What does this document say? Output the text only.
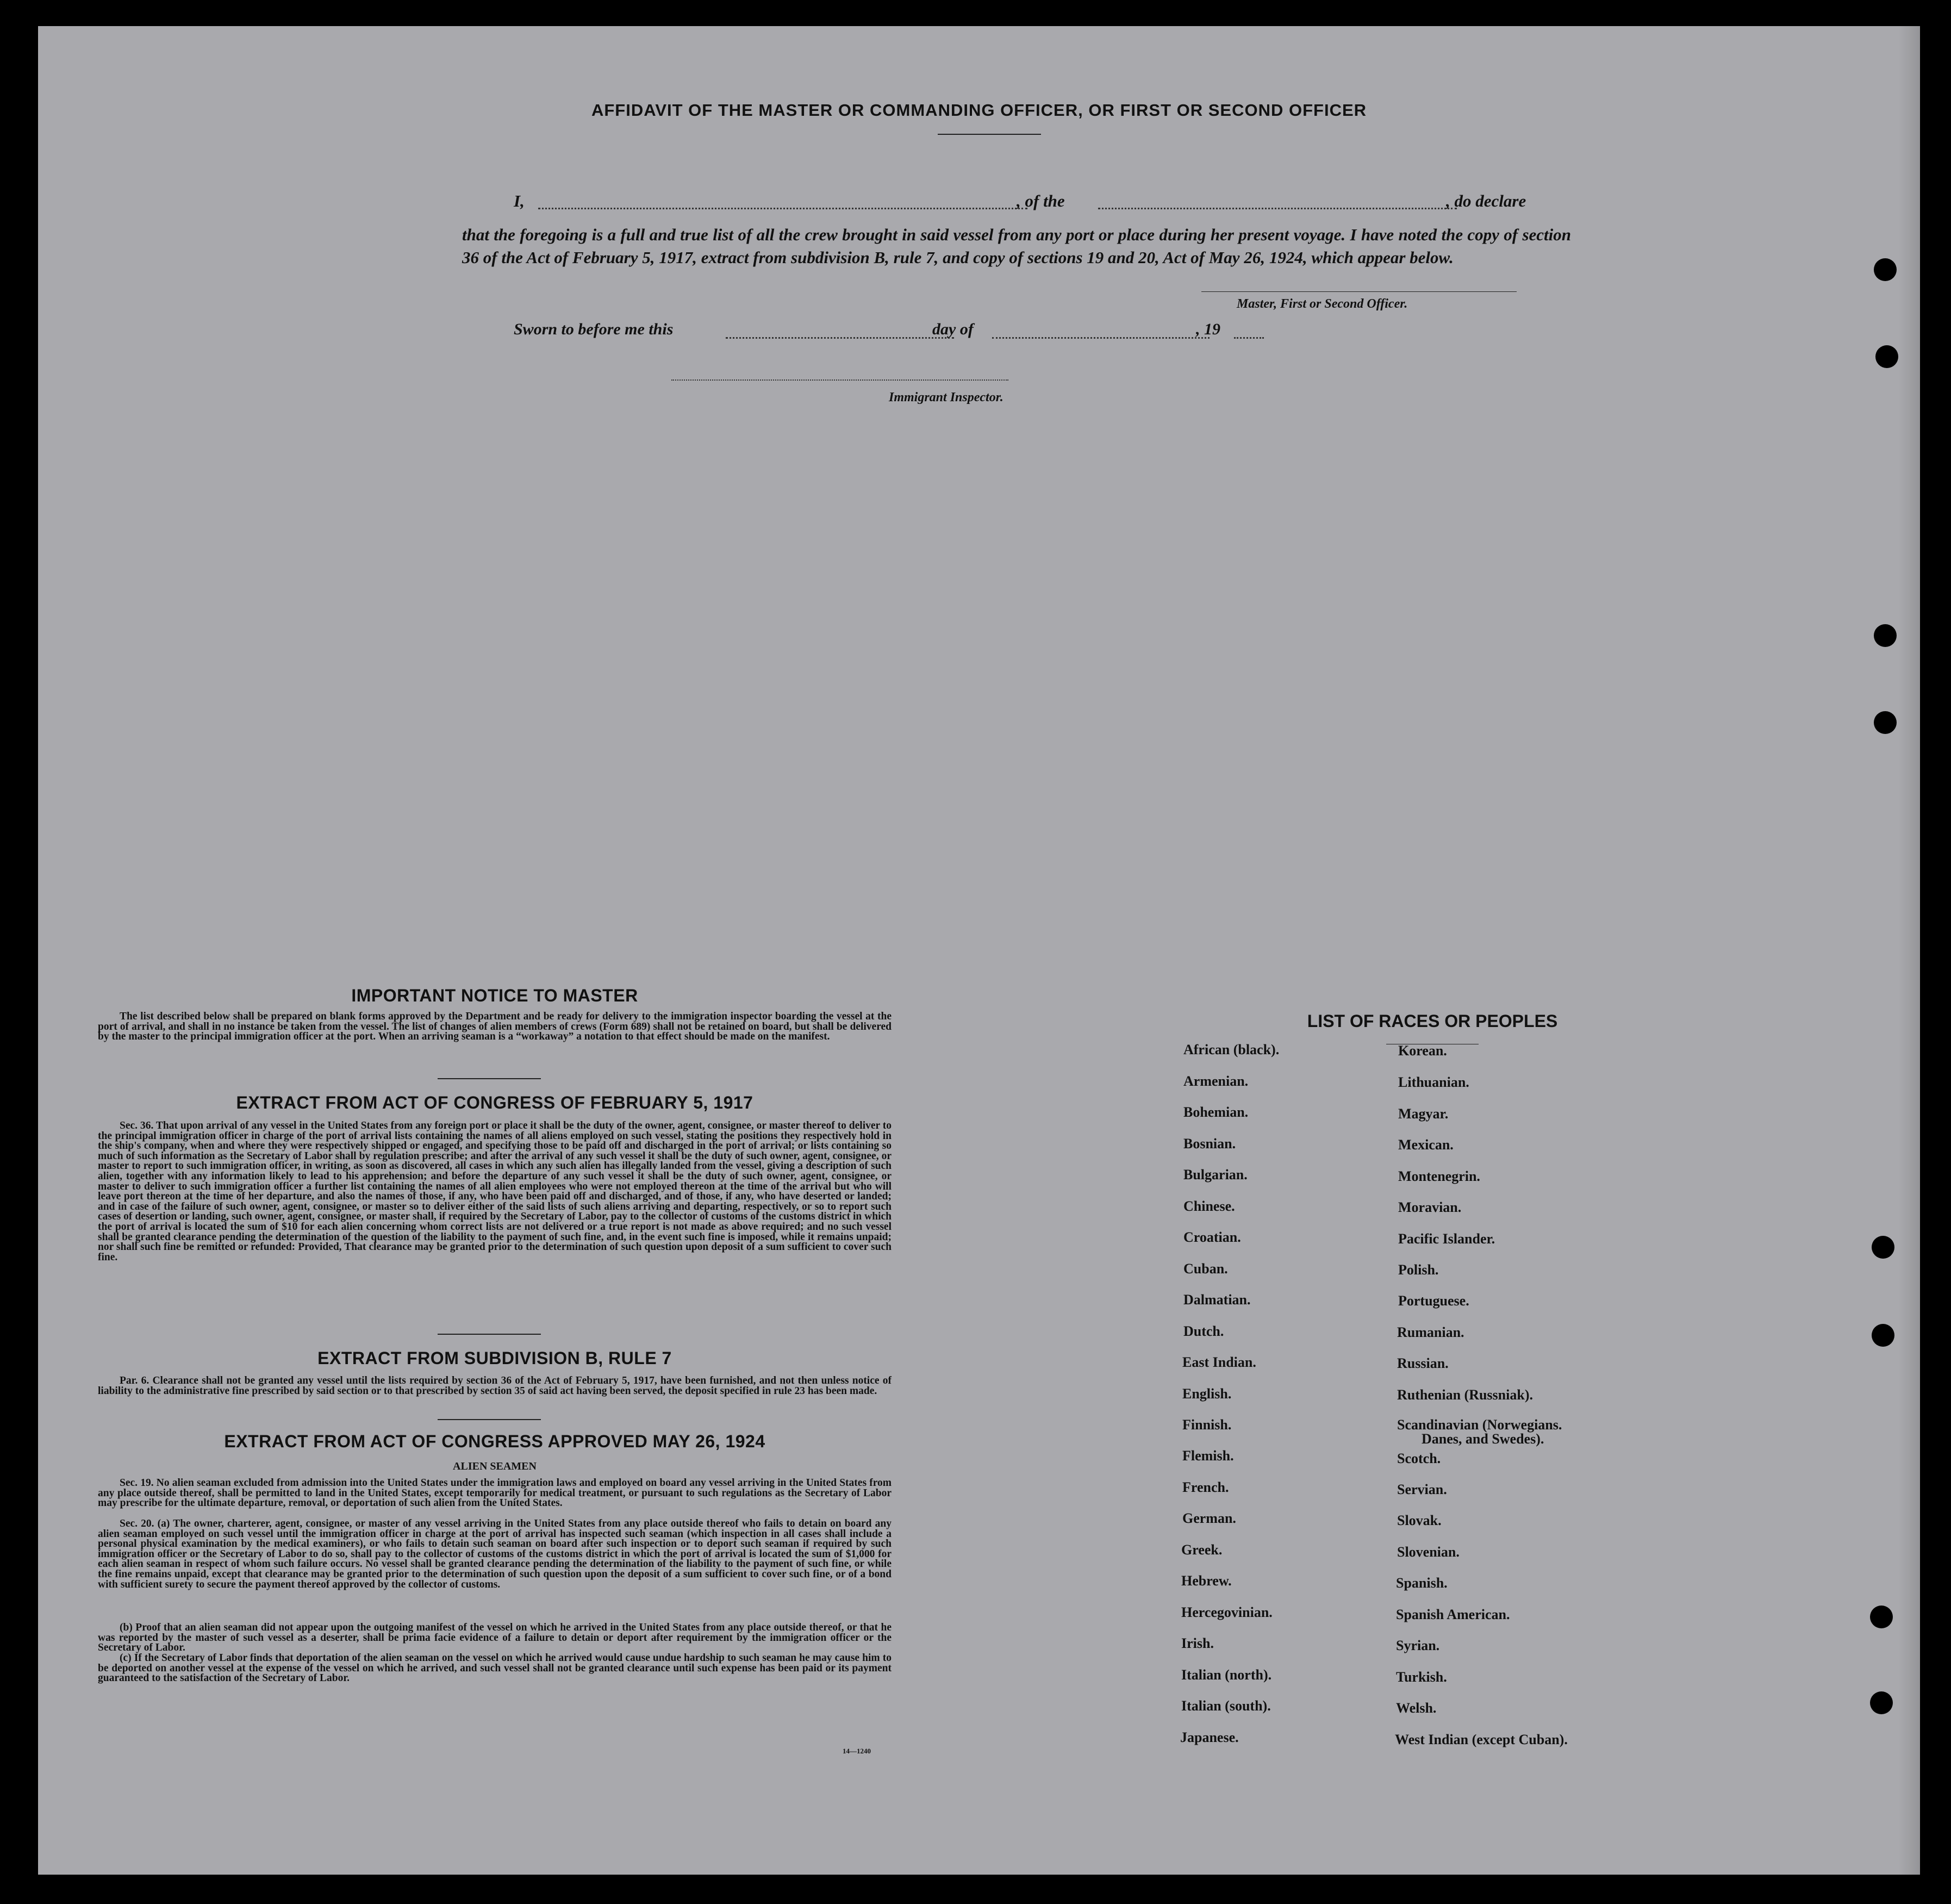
AFFIDAVIT OF THE MASTER OR COMMANDING OFFICER, OR FIRST OR SECOND OFFICER
I,	, of the	, do declare
that the foregoing is a full and true list of all the crew brought in said vessel from any port or place during her present voyage. I have noted the copy of section 36 of the Act of February 5, 1917, extract from subdivision B, rule 7, and copy of sections 19 and 20, Act of May 26, 1924, which appear below.
Master, First or Second Officer.
Sworn to before me this	day of	, 19
Immigrant Inspector.
IMPORTANT NOTICE TO MASTER
The list described below shall be prepared on blank forms approved by the Department and be ready for delivery to the immigration inspector boarding the vessel at the port of arrival, and shall in no instance be taken from the vessel. The list of changes of alien members of crews (Form 689) shall not be retained on board, but shall be delivered by the master to the principal immigration officer at the port. When an arriving seaman is a “workaway” a notation to that effect should be made on the manifest.
EXTRACT FROM ACT OF CONGRESS OF FEBRUARY 5, 1917
Sec. 36. That upon arrival of any vessel in the United States from any foreign port or place it shall be the duty of the owner, agent, consignee, or master thereof to deliver to the principal immigration officer in charge of the port of arrival lists containing the names of all aliens employed on such vessel, stating the positions they respectively hold in the ship's company, when and where they were respectively shipped or engaged, and specifying those to be paid off and discharged in the port of arrival; or lists containing so much of such information as the Secretary of Labor shall by regulation prescribe; and after the arrival of any such vessel it shall be the duty of such owner, agent, consignee, or master to report to such immigration officer, in writing, as soon as discovered, all cases in which any such alien has illegally landed from the vessel, giving a description of such alien, together with any information likely to lead to his apprehension; and before the departure of any such vessel it shall be the duty of such owner, agent, consignee, or master to deliver to such immigration officer a further list containing the names of all alien employees who were not employed thereon at the time of the arrival but who will leave port thereon at the time of her departure, and also the names of those, if any, who have been paid off and discharged, and of those, if any, who have deserted or landed; and in case of the failure of such owner, agent, consignee, or master so to deliver either of the said lists of such aliens arriving and departing, respectively, or so to report such cases of desertion or landing, such owner, agent, consignee, or master shall, if required by the Secretary of Labor, pay to the collector of customs of the customs district in which the port of arrival is located the sum of $10 for each alien concerning whom correct lists are not delivered or a true report is not made as above required; and no such vessel shall be granted clearance pending the determination of the question of the liability to the payment of such fine, and, in the event such fine is imposed, while it remains unpaid; nor shall such fine be remitted or refunded: Provided, That clearance may be granted prior to the determination of such question upon deposit of a sum sufficient to cover such fine.
EXTRACT FROM SUBDIVISION B, RULE 7
Par. 6. Clearance shall not be granted any vessel until the lists required by section 36 of the Act of February 5, 1917, have been furnished, and not then unless notice of liability to the administrative fine prescribed by said section or to that prescribed by section 35 of said act having been served, the deposit specified in rule 23 has been made.
EXTRACT FROM ACT OF CONGRESS APPROVED MAY 26, 1924
ALIEN SEAMEN
Sec. 19. No alien seaman excluded from admission into the United States under the immigration laws and employed on board any vessel arriving in the United States from any place outside thereof, shall be permitted to land in the United States, except temporarily for medical treatment, or pursuant to such regulations as the Secretary of Labor may prescribe for the ultimate departure, removal, or deportation of such alien from the United States.
Sec. 20. (a) The owner, charterer, agent, consignee, or master of any vessel arriving in the United States from any place outside thereof who fails to detain on board any alien seaman employed on such vessel until the immigration officer in charge at the port of arrival has inspected such seaman (which inspection in all cases shall include a personal physical examination by the medical examiners), or who fails to detain such seaman on board after such inspection or to deport such seaman if required by such immigration officer or the Secretary of Labor to do so, shall pay to the collector of customs of the customs district in which the port of arrival is located the sum of $1,000 for each alien seaman in respect of whom such failure occurs. No vessel shall be granted clearance pending the determination of the liability to the payment of such fine, or while the fine remains unpaid, except that clearance may be granted prior to the determination of such question upon the deposit of a sum sufficient to cover such fine, or of a bond with sufficient surety to secure the payment thereof approved by the collector of customs.
(b) Proof that an alien seaman did not appear upon the outgoing manifest of the vessel on which he arrived in the United States from any place outside thereof, or that he was reported by the master of such vessel as a deserter, shall be prima facie evidence of a failure to detain or deport after requirement by the immigration officer or the Secretary of Labor.
(c) If the Secretary of Labor finds that deportation of the alien seaman on the vessel on which he arrived would cause undue hardship to such seaman he may cause him to be deported on another vessel at the expense of the vessel on which he arrived, and such vessel shall not be granted clearance until such expense has been paid or its payment guaranteed to the satisfaction of the Secretary of Labor.
14—1240
LIST OF RACES OR PEOPLES
African (black).
Armenian.
Bohemian.
Bosnian.
Bulgarian.
Chinese.
Croatian.
Cuban.
Dalmatian.
Dutch.
East Indian.
English.
Finnish.
Flemish.
French.
German.
Greek.
Hebrew.
Hercegovinian.
Irish.
Italian (north).
Italian (south).
Japanese.
Korean.
Lithuanian.
Magyar.
Mexican.
Montenegrin.
Moravian.
Pacific Islander.
Polish.
Portuguese.
Rumanian.
Russian.
Ruthenian (Russniak).
Scandinavian (Norwegians.
Danes, and Swedes).
Scotch.
Servian.
Slovak.
Slovenian.
Spanish.
Spanish American.
Syrian.
Turkish.
Welsh.
West Indian (except Cuban).
